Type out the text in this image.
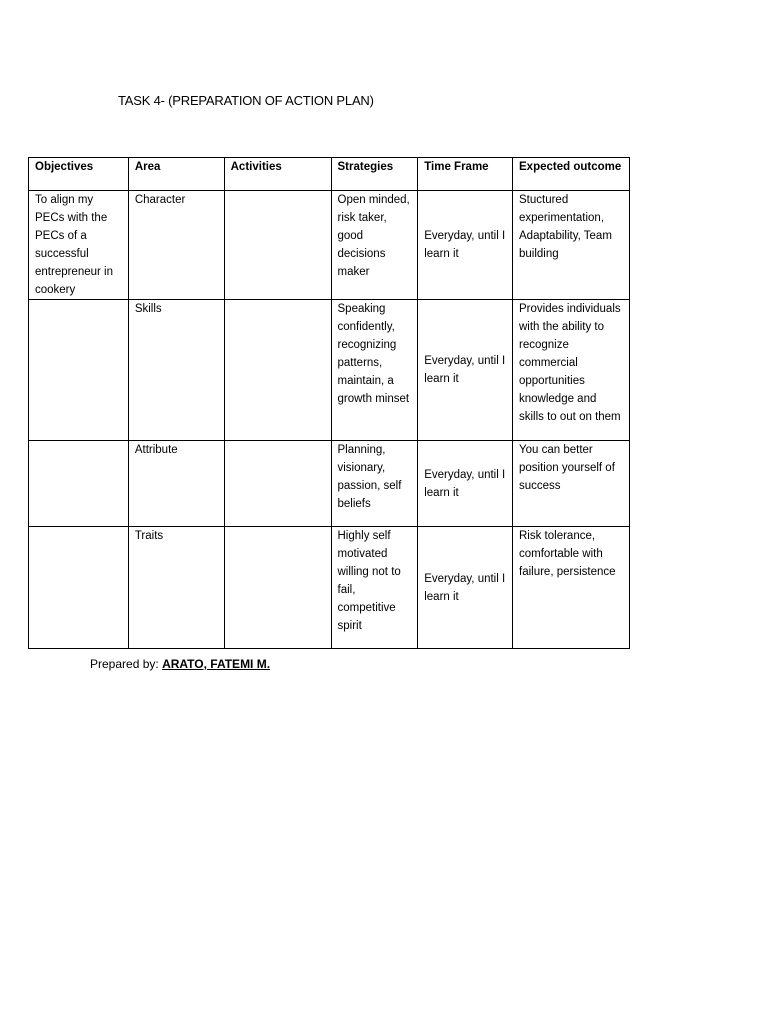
TASK 4- (PREPARATION OF ACTION PLAN)
Objectives	Area	Activities	Strategies	Time Frame	Expected outcome
To align my PECs with the PECs of a successful entrepreneur in cookery	Character		Open minded, risk taker, good decisions maker	Everyday, until I learn it	Stuctured experimentation, Adaptability, Team building
	Skills		Speaking confidently, recognizing patterns, maintain, a growth minset	Everyday, until I learn it	Provides individuals with the ability to recognize commercial opportunities knowledge and skills to out on them
	Attribute		Planning, visionary, passion, self beliefs	Everyday, until I learn it	You can better position yourself of success
	Traits		Highly self motivated willing not to fail, competitive spirit	Everyday, until I learn it	Risk tolerance, comfortable with failure, persistence
Prepared by: ARATO, FATEMI M.
